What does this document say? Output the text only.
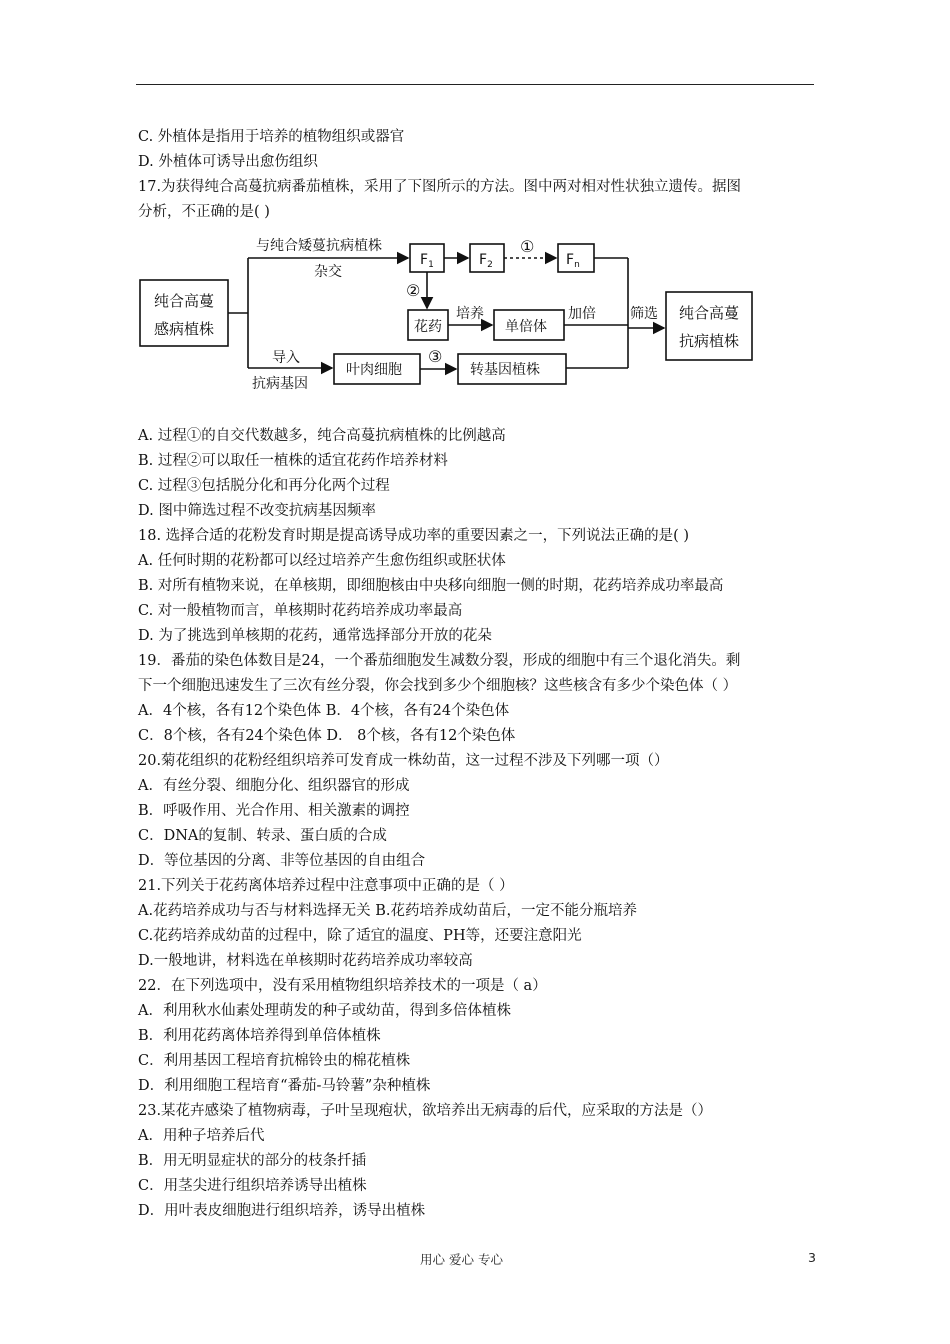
C. 外植体是指用于培养的植物组织或器官
D. 外植体可诱导出愈伤组织
17.为获得纯合高蔓抗病番茄植株，采用了下图所示的方法。图中两对相对性状独立遗传。据图
分析，不正确的是( )
纯合高蔓
感病植株
与纯合矮蔓抗病植株
杂交
$F_1$	$F_2$	$F_n$
①
②
③
花药
培养
单倍体
加倍 筛选 纯合高蔓
抗病植株
导入
抗病基因
叶肉细胞	转基因植株
A. 过程①的自交代数越多，纯合高蔓抗病植株的比例越高
B. 过程②可以取任一植株的适宜花药作培养材料
C. 过程③包括脱分化和再分化两个过程
D. 图中筛选过程不改变抗病基因频率
18. 选择合适的花粉发育时期是提高诱导成功率的重要因素之一，下列说法正确的是( )
A. 任何时期的花粉都可以经过培养产生愈伤组织或胚状体
B. 对所有植物来说，在单核期，即细胞核由中央移向细胞一侧的时期，花药培养成功率最高
C. 对一般植物而言，单核期时花药培养成功率最高
D. 为了挑选到单核期的花药，通常选择部分开放的花朵
19．番茄的染色体数目是24，一个番茄细胞发生减数分裂，形成的细胞中有三个退化消失。剩
下一个细胞迅速发生了三次有丝分裂，你会找到多少个细胞核？这些核含有多少个染色体（ ）
A．4个核，各有12个染色体 B．4个核，各有24个染色体
C．8个核，各有24个染色体 D． 8个核，各有12个染色体
20.菊花组织的花粉经组织培养可发育成一株幼苗，这一过程不涉及下列哪一项（）
A．有丝分裂、细胞分化、组织器官的形成
B．呼吸作用、光合作用、相关激素的调控
C．DNA的复制、转录、蛋白质的合成
D．等位基因的分离、非等位基因的自由组合
21.下列关于花药离体培养过程中注意事项中正确的是（ ）
A.花药培养成功与否与材料选择无关 B.花药培养成幼苗后，一定不能分瓶培养
C.花药培养成幼苗的过程中，除了适宜的温度、PH等，还要注意阳光
D.一般地讲，材料选在单核期时花药培养成功率较高
22．在下列选项中，没有采用植物组织培养技术的一项是（ a）
A．利用秋水仙素处理萌发的种子或幼苗，得到多倍体植株
B．利用花药离体培养得到单倍体植株
C．利用基因工程培育抗棉铃虫的棉花植株
D．利用细胞工程培育“番茄-马铃薯”杂种植株
23.某花卉感染了植物病毒，子叶呈现疱状，欲培养出无病毒的后代，应采取的方法是（）
A．用种子培养后代
B．用无明显症状的部分的枝条扦插
C．用茎尖进行组织培养诱导出植株
D．用叶表皮细胞进行组织培养，诱导出植株
用心 爱心 专心	3
